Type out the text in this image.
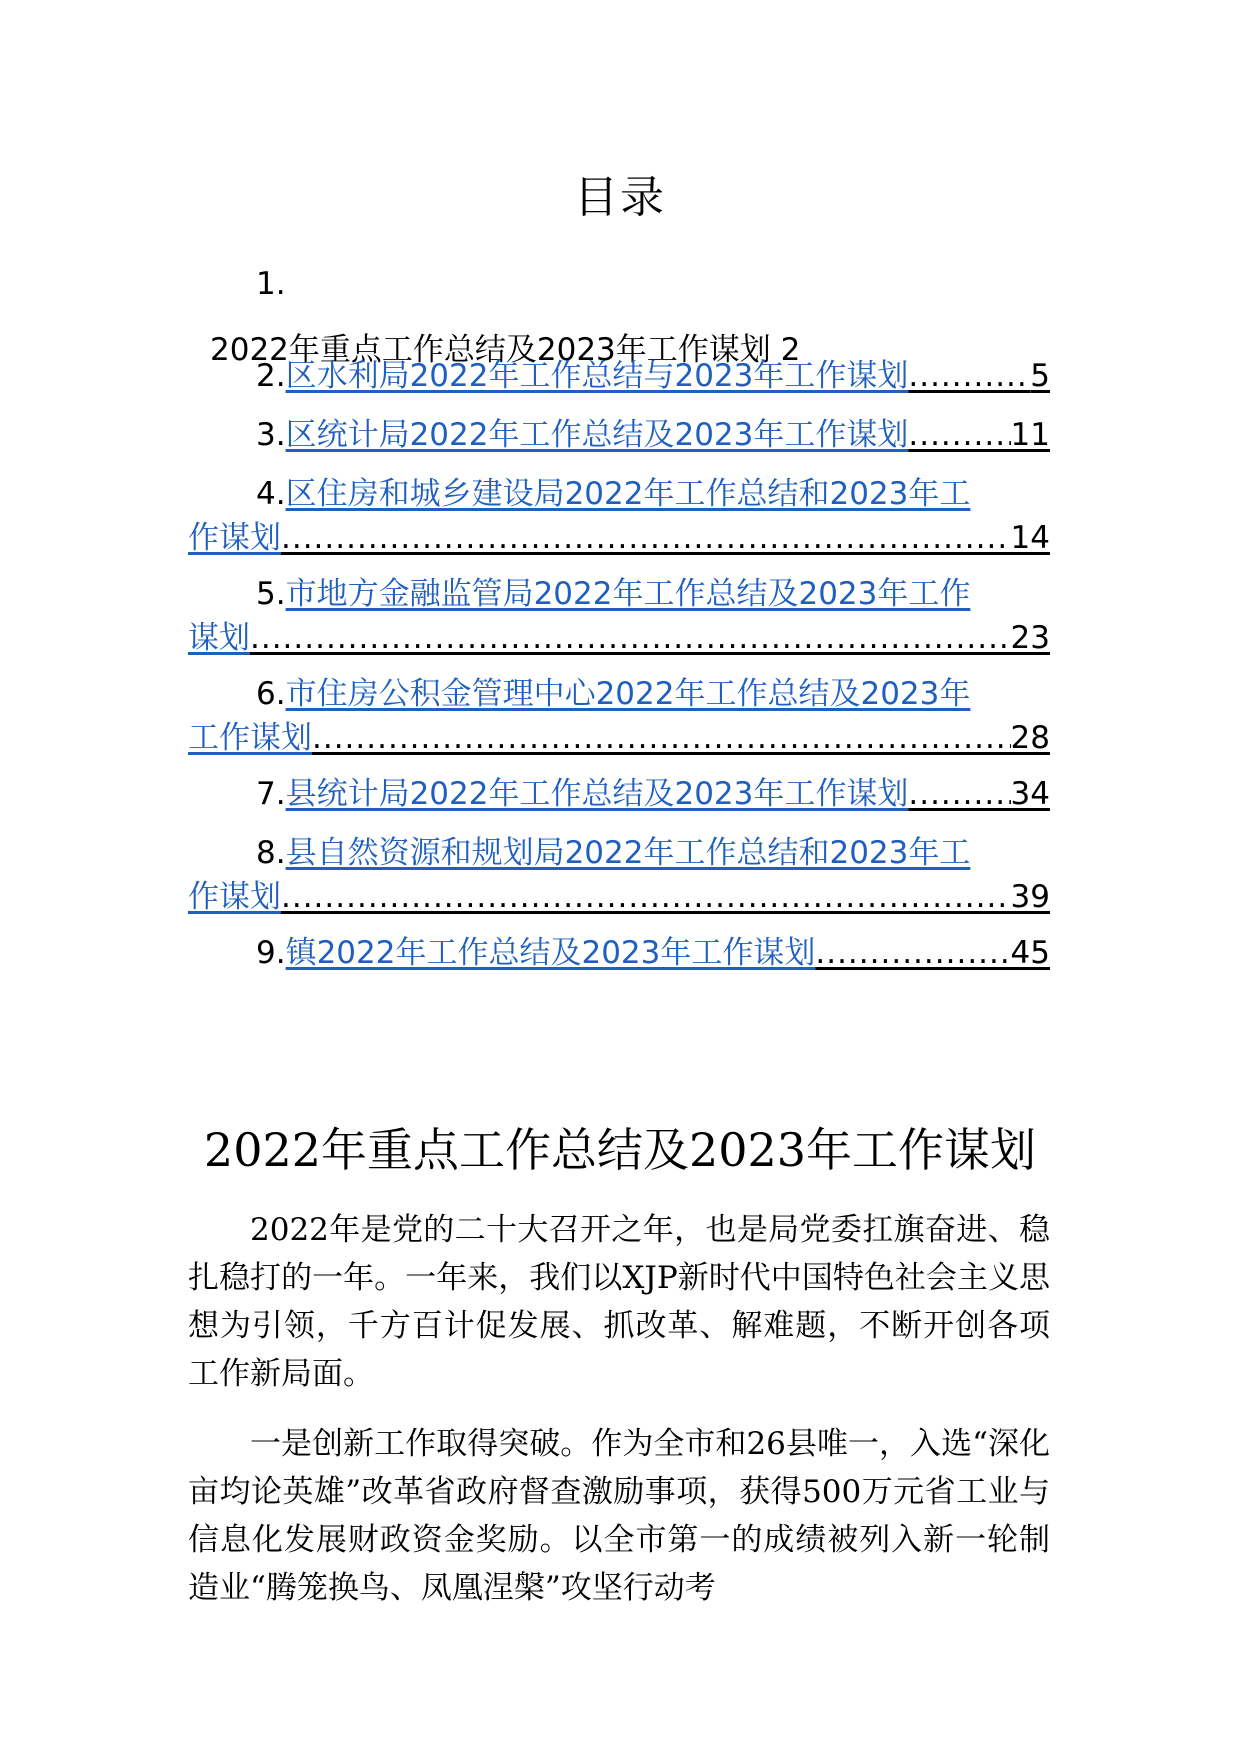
目录
1.
2022年重点工作总结及2023年工作谋划 2
2. 区水利局2022年工作总结与2023年工作谋划 .....	5
3. 区统计局2022年工作总结及2023年工作谋划 .....	11
4. 区住房和城乡建设局2022年工作总结和2023年工
作谋划 .....	14
5. 市地方金融监管局2022年工作总结及2023年工作
谋划 .....	23
6. 市住房公积金管理中心2022年工作总结及2023年
工作谋划 .....	28
7. 县统计局2022年工作总结及2023年工作谋划 .....	34
8. 县自然资源和规划局2022年工作总结和2023年工
作谋划 .....	39
9. 镇2022年工作总结及2023年工作谋划 .....	45
2022年重点工作总结及2023年工作谋划

2022年是党的二十大召开之年，也是局党委扛旗奋进、稳扎稳打的一年。一年来，我们以XJP新时代中国特色社会主义思想为引领，千方百计促发展、抓改革、解难题，不断开创各项工作新局面。

一是创新工作取得突破。作为全市和26县唯一，入选“深化亩均论英雄”改革省政府督查激励事项，获得500万元省工业与信息化发展财政资金奖励。以全市第一的成绩被列入新一轮制造业“腾笼换鸟、凤凰涅槃”攻坚行动考
